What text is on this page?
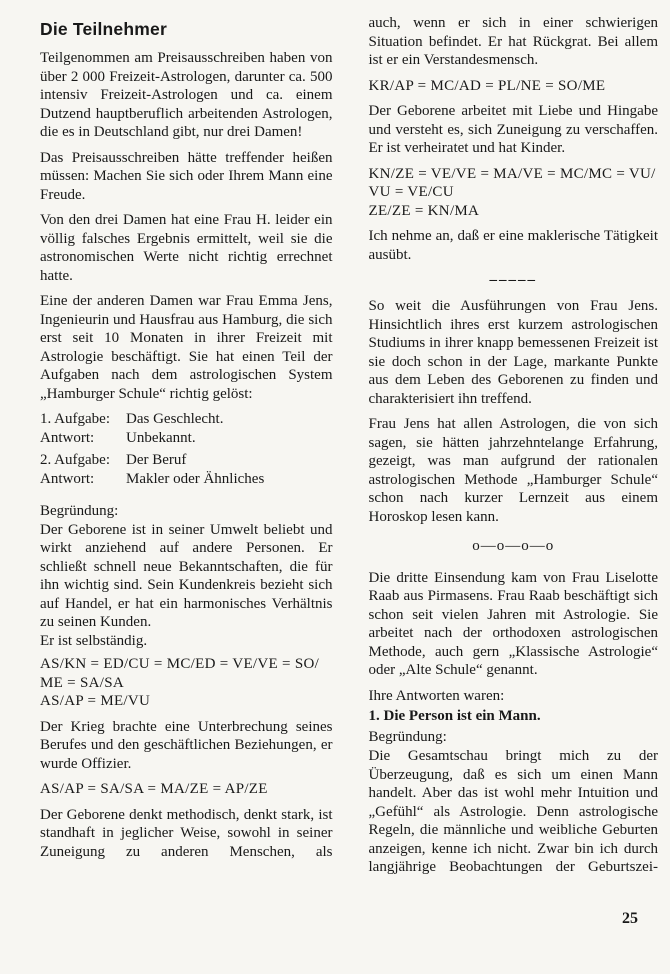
Die Teilnehmer

Teilgenommen am Preisausschreiben haben von über 2 000 Freizeit-Astrologen, darunter ca. 500 intensiv Freizeit-Astrologen und ca. einem Dutzend hauptberuflich arbeitenden Astrologen, die es in Deutschland gibt, nur drei Damen!

Das Preisausschreiben hätte treffender heißen müssen: Machen Sie sich oder Ihrem Mann eine Freude.

Von den drei Damen hat eine Frau H. leider ein völlig falsches Ergebnis ermittelt, weil sie die astronomischen Werte nicht richtig errechnet hatte.

Eine der anderen Damen war Frau Emma Jens, Ingenieurin und Hausfrau aus Hamburg, die sich erst seit 10 Monaten in ihrer Freizeit mit Astrologie beschäftigt. Sie hat einen Teil der Aufgaben nach dem astrologischen System „Hamburger Schule“ richtig gelöst:

1. Aufgabe:	Das Geschlecht.
Antwort:	Unbekannt.
2. Aufgabe:	Der Beruf
Antwort:	Makler oder Ähnliches
Begründung:

Der Geborene ist in seiner Umwelt beliebt und wirkt anziehend auf andere Personen. Er schließt schnell neue Bekanntschaften, die für ihn wichtig sind. Sein Kundenkreis bezieht sich auf Handel, er hat ein harmonisches Verhältnis zu seinen Kunden.

Er ist selbständig.
AS/KN = ED/CU = MC/ED = VE/VE = SO/
ME = SA/SA
AS/AP = ME/VU

Der Krieg brachte eine Unterbrechung seines Berufes und den geschäftlichen Beziehungen, er wurde Offizier.

AS/AP = SA/SA = MA/ZE = AP/ZE

Der Geborene denkt methodisch, denkt stark, ist standhaft in jeglicher Weise, sowohl in seiner Zuneigung zu anderen Menschen, als

auch, wenn er sich in einer schwierigen Situation befindet. Er hat Rückgrat. Bei allem ist er ein Verstandesmensch.

KR/AP = MC/AD = PL/NE = SO/ME

Der Geborene arbeitet mit Liebe und Hingabe und versteht es, sich Zuneigung zu verschaffen. Er ist verheiratet und hat Kinder.

KN/ZE = VE/VE = MA/VE = MC/MC = VU/
VU = VE/CU
ZE/ZE = KN/MA

Ich nehme an, daß er eine maklerische Tätigkeit ausübt.

–––––

So weit die Ausführungen von Frau Jens. Hinsichtlich ihres erst kurzem astrologischen Studiums in ihrer knapp bemessenen Freizeit ist sie doch schon in der Lage, markante Punkte aus dem Leben des Geborenen zu finden und charakterisiert ihn treffend.

Frau Jens hat allen Astrologen, die von sich sagen, sie hätten jahrzehntelange Erfahrung, gezeigt, was man aufgrund der rationalen astrologischen Methode „Hamburger Schule“ schon nach kurzer Lernzeit aus einem Horoskop lesen kann.

o—o—o—o

Die dritte Einsendung kam von Frau Liselotte Raab aus Pirmasens. Frau Raab beschäftigt sich schon seit vielen Jahren mit Astrologie. Sie arbeitet nach der orthodoxen astrologischen Methode, auch gern „Klassische Astrologie“ oder „Alte Schule“ genannt.

Ihre Antworten waren:
1. Die Person ist ein Mann.
Begründung:

Die Gesamtschau bringt mich zu der Überzeugung, daß es sich um einen Mann handelt. Aber das ist wohl mehr Intuition und „Gefühl“ als Astrologie. Denn astrologische Regeln, die männliche und weibliche Geburten anzeigen, kenne ich nicht. Zwar bin ich durch langjährige Beobachtungen der Geburtszei-

25
